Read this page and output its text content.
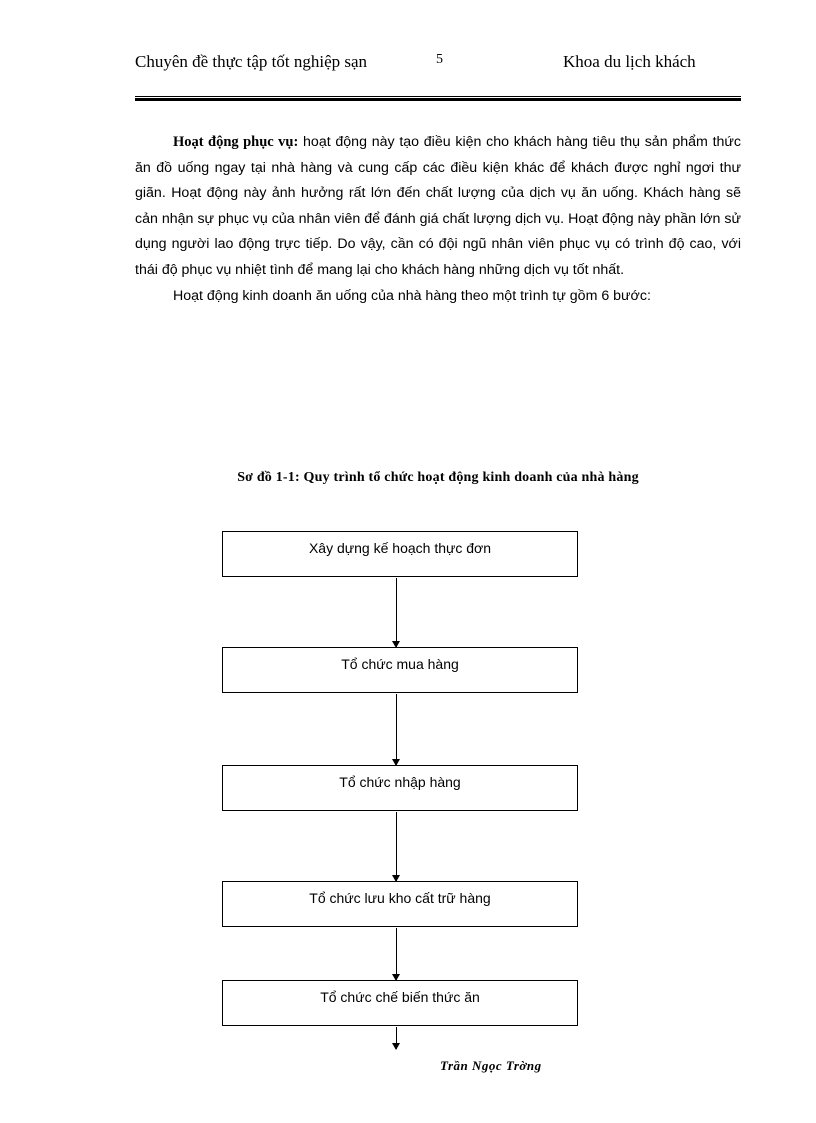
Chuyên đề thực tập tốt nghiệp sạn	5	Khoa du lịch khách

Hoạt động phục vụ: hoạt động này tạo điều kiện cho khách hàng tiêu thụ sản phẩm thức ăn đồ uống ngay tại nhà hàng và cung cấp các điều kiện khác để khách được nghỉ ngơi thư giãn. Hoạt động này ảnh hưởng rất lớn đến chất lượng của dịch vụ ăn uống. Khách hàng sẽ cản nhận sự phục vụ của nhân viên để đánh giá chất lượng dịch vụ. Hoạt động này phần lớn sử dụng người lao động trực tiếp. Do vậy, cần có đội ngũ nhân viên phục vụ có trình độ cao, với thái độ phục vụ nhiệt tình để mang lại cho khách hàng những dịch vụ tốt nhất.

Hoạt động kinh doanh ăn uống của nhà hàng theo một trình tự gồm 6 bước:

Sơ đồ 1-1: Quy trình tổ chức hoạt động kinh doanh của nhà hàng
Xây dựng kế hoạch thực đơn
Tổ chức mua hàng
Tổ chức nhập hàng
Tổ chức lưu kho cất trữ hàng
Tổ chức chế biến thức ăn
Trần Ngọc Trờng
